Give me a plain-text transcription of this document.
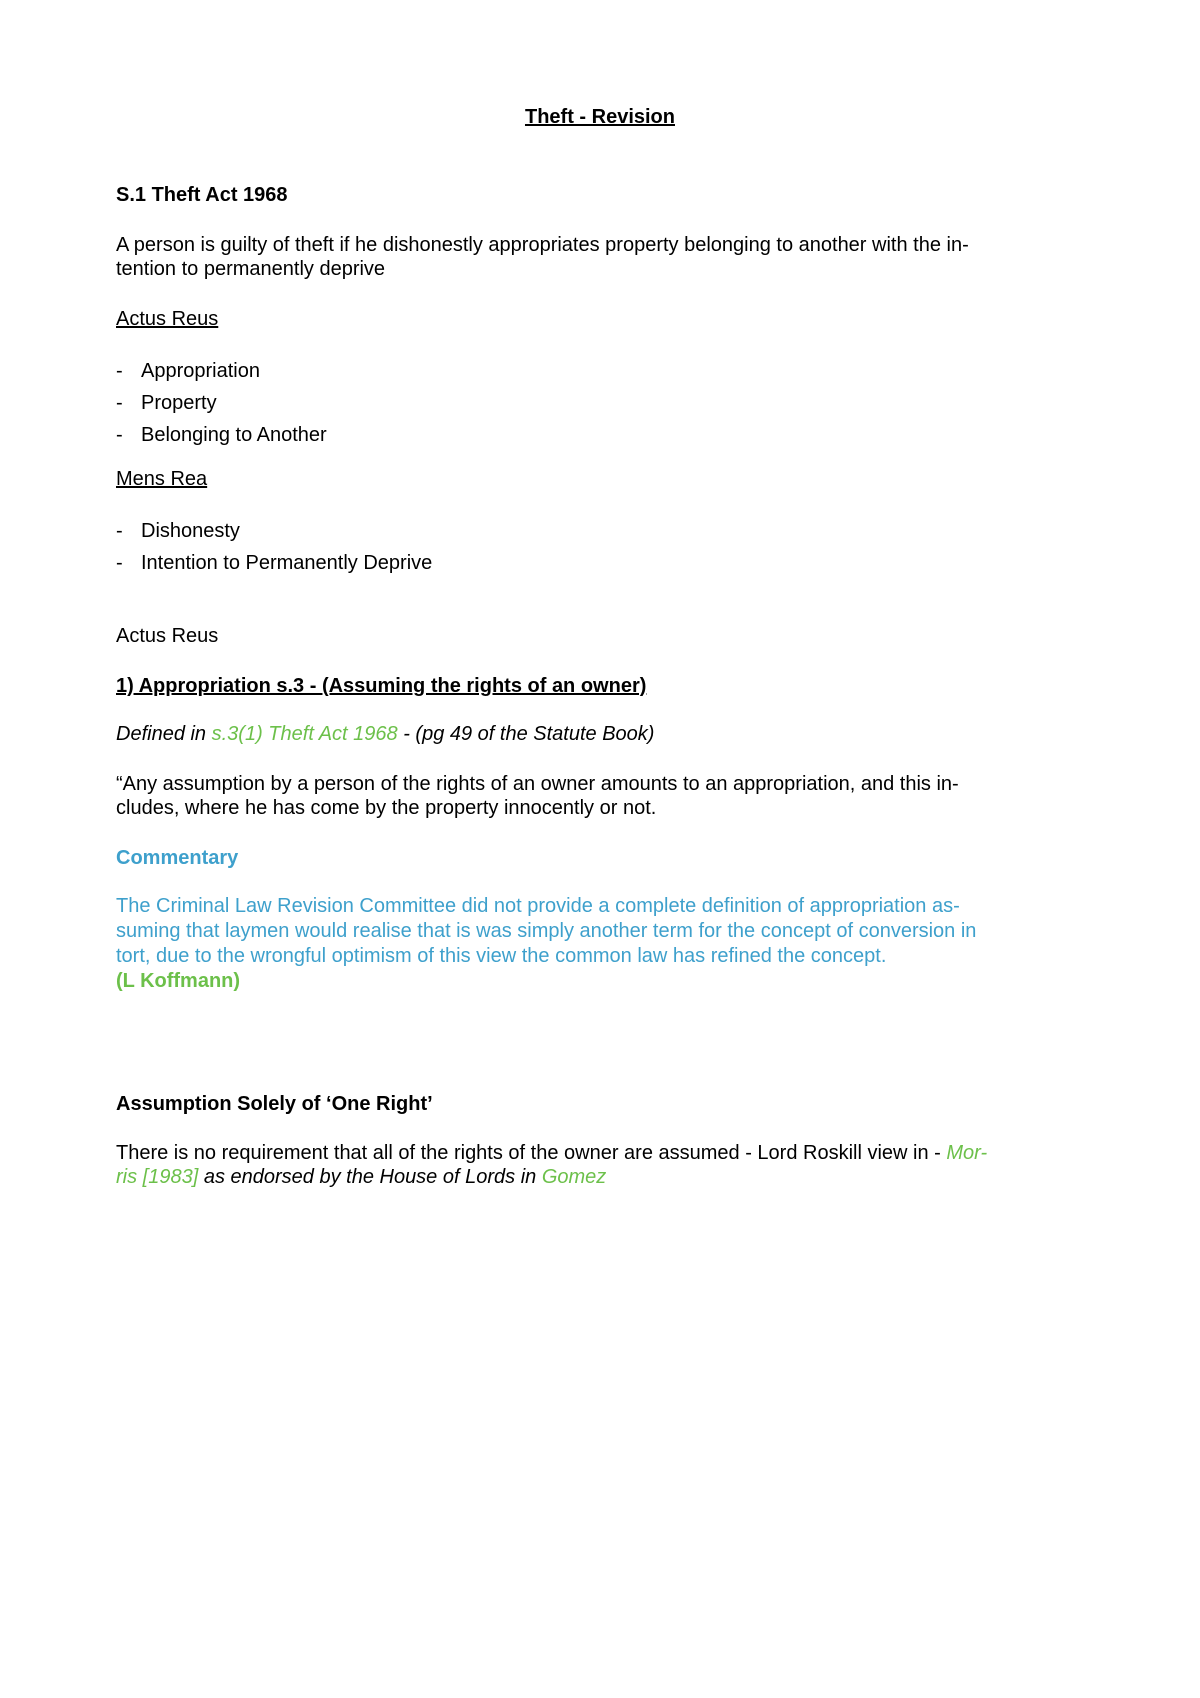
Theft - Revision

S.1 Theft Act 1968

A person is guilty of theft if he dishonestly appropriates property belonging to another with the in-

tention to permanently deprive

Actus Reus

- Appropriation
- Property
- Belonging to Another

Mens Rea

- Dishonesty
- Intention to Permanently Deprive

Actus Reus

1) Appropriation s.3 - (Assuming the rights of an owner)

Defined in s.3(1) Theft Act 1968 - (pg 49 of the Statute Book)

“Any assumption by a person of the rights of an owner amounts to an appropriation, and this in-

cludes, where he has come by the property innocently or not.

Commentary

The Criminal Law Revision Committee did not provide a complete definition of appropriation as-

suming that laymen would realise that is was simply another term for the concept of conversion in

tort, due to the wrongful optimism of this view the common law has refined the concept.

(L Koffmann)

Assumption Solely of ‘One Right’

There is no requirement that all of the rights of the owner are assumed - Lord Roskill view in - Mor-

ris [1983] as endorsed by the House of Lords in Gomez
